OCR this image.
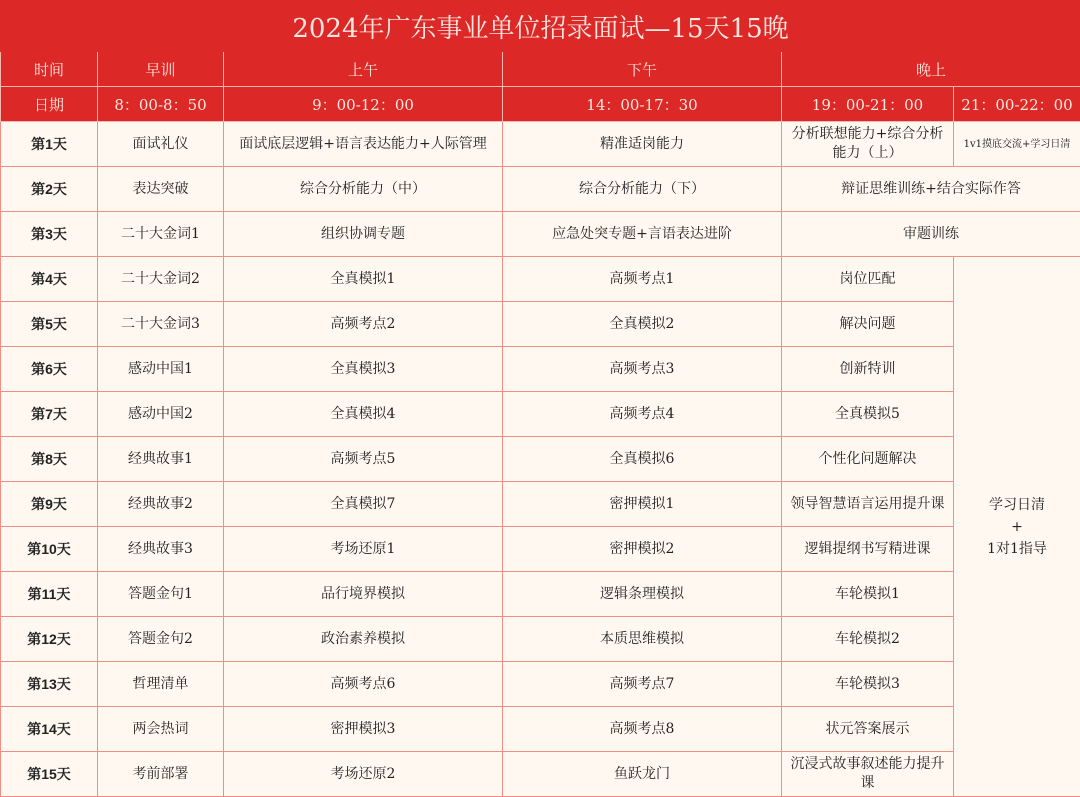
2024年广东事业单位招录面试—15天15晚					
时间	早训	上午	下午	晚上	
日期	8：00-8：50	9：00-12：00	14：00-17：30	19：00-21：00	21：00-22：00
第1天	面试礼仪	面试底层逻辑+语言表达能力+人际管理	精准适岗能力	分析联想能力+综合分析能力（上）	1v1摸底交流+学习日清
第2天	表达突破	综合分析能力（中）	综合分析能力（下）	辩证思维训练+结合实际作答	
第3天	二十大金词1	组织协调专题	应急处突专题+言语表达进阶	审题训练	
第4天	二十大金词2	全真模拟1	高频考点1	岗位匹配	学习日清
+
1对1指导

第5天	二十大金词3	高频考点2	全真模拟2	解决问题	
第6天	感动中国1	全真模拟3	高频考点3	创新特训	
第7天	感动中国2	全真模拟4	高频考点4	全真模拟5	
第8天	经典故事1	高频考点5	全真模拟6	个性化问题解决	
第9天	经典故事2	全真模拟7	密押模拟1	领导智慧语言运用提升课	
第10天	经典故事3	考场还原1	密押模拟2	逻辑提纲书写精进课	
第11天	答题金句1	品行境界模拟	逻辑条理模拟	车轮模拟1	
第12天	答题金句2	政治素养模拟	本质思维模拟	车轮模拟2	
第13天	哲理清单	高频考点6	高频考点7	车轮模拟3	
第14天	两会热词	密押模拟3	高频考点8	状元答案展示	
第15天	考前部署	考场还原2	鱼跃龙门	沉浸式故事叙述能力提升课	
